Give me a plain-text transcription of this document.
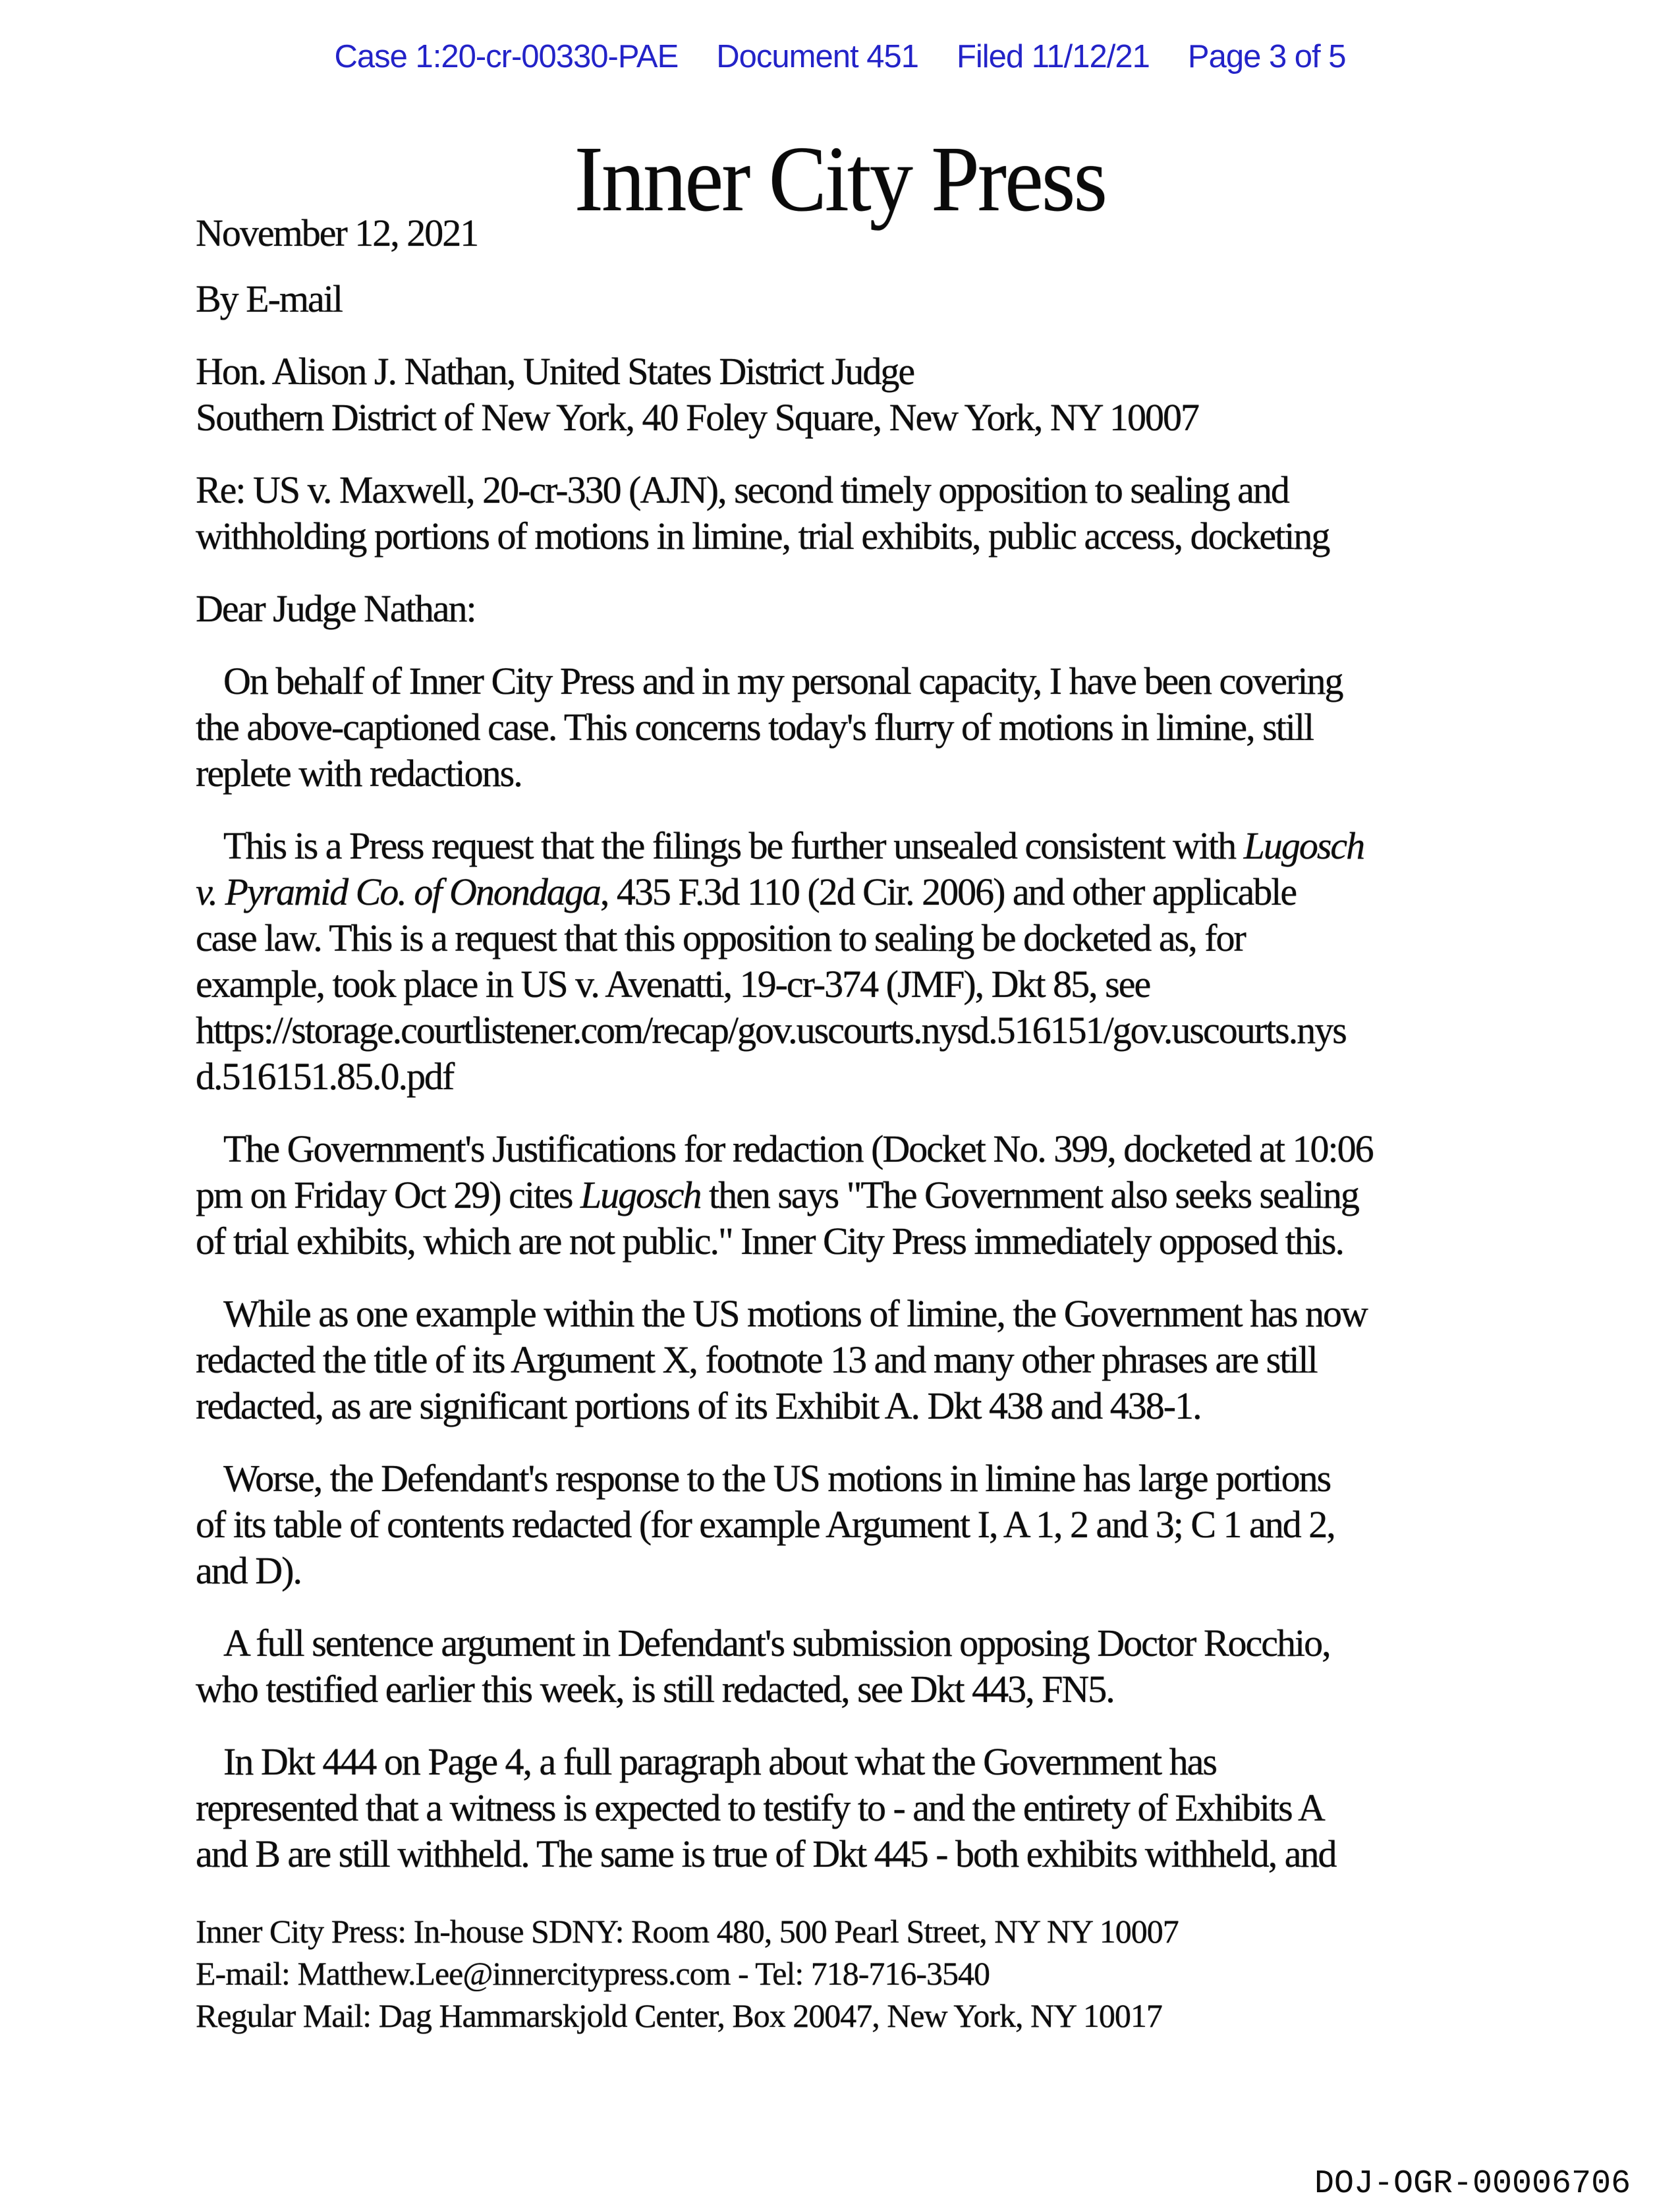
Case 1:20-cr-00330-PAE Document 451 Filed 11/12/21 Page 3 of 5
Inner City Press
November 12, 2021
By E-mail
Hon. Alison J. Nathan, United States District Judge
Southern District of New York, 40 Foley Square, New York, NY 10007
Re: US v. Maxwell, 20-cr-330 (AJN), second timely opposition to sealing and
withholding portions of motions in limine, trial exhibits, public access, docketing
Dear Judge Nathan:
On behalf of Inner City Press and in my personal capacity, I have been covering
the above-captioned case. This concerns today's flurry of motions in limine, still
replete with redactions.
This is a Press request that the filings be further unsealed consistent with Lugosch
v. Pyramid Co. of Onondaga, 435 F.3d 110 (2d Cir. 2006) and other applicable
case law. This is a request that this opposition to sealing be docketed as, for
example, took place in US v. Avenatti, 19-cr-374 (JMF), Dkt 85, see
https://storage.courtlistener.com/recap/gov.uscourts.nysd.516151/gov.uscourts.nys
d.516151.85.0.pdf
The Government's Justifications for redaction (Docket No. 399, docketed at 10:06
pm on Friday Oct 29) cites Lugosch then says "The Government also seeks sealing
of trial exhibits, which are not public." Inner City Press immediately opposed this.
While as one example within the US motions of limine, the Government has now
redacted the title of its Argument X, footnote 13 and many other phrases are still
redacted, as are significant portions of its Exhibit A. Dkt 438 and 438-1.
Worse, the Defendant's response to the US motions in limine has large portions
of its table of contents redacted (for example Argument I, A 1, 2 and 3; C 1 and 2,
and D).
A full sentence argument in Defendant's submission opposing Doctor Rocchio,
who testified earlier this week, is still redacted, see Dkt 443, FN5.
In Dkt 444 on Page 4, a full paragraph about what the Government has
represented that a witness is expected to testify to - and the entirety of Exhibits A
and B are still withheld. The same is true of Dkt 445 - both exhibits withheld, and
Inner City Press: In-house SDNY: Room 480, 500 Pearl Street, NY NY 10007
E-mail: Matthew.Lee@innercitypress.com - Tel: 718-716-3540
Regular Mail: Dag Hammarskjold Center, Box 20047, New York, NY 10017
DOJ-OGR-00006706
